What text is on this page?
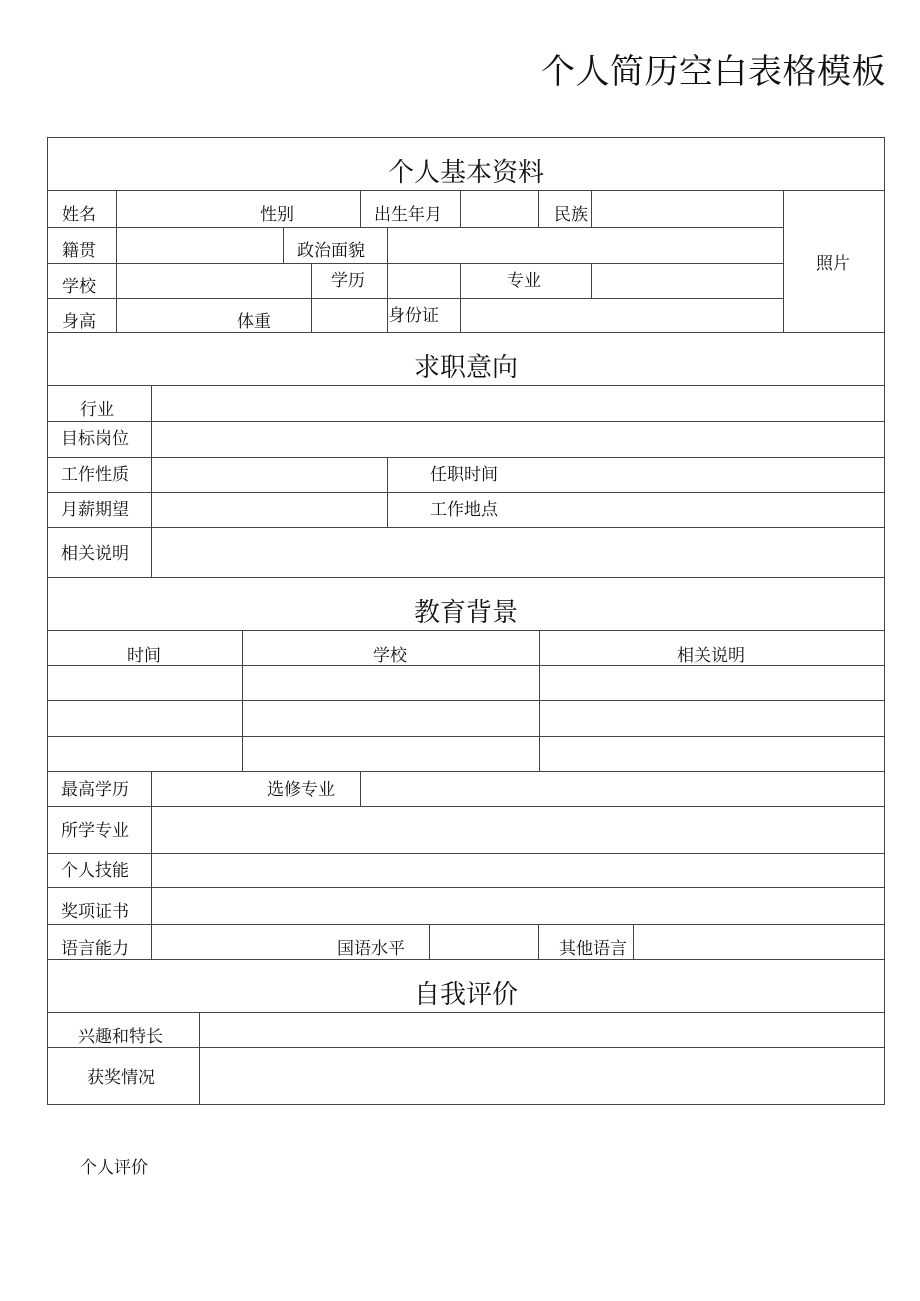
个人简历空白表格模板
个人基本资料
求职意向
教育背景
自我评价
姓名	性别	出生年月	民族
籍贯	政治面貌
照片
学校	学历	专业
身高	体重	身份证
行业
目标岗位
工作性质	任职时间
月薪期望	工作地点
相关说明
时间	学校	相关说明
最高学历	选修专业
所学专业
个人技能
奖项证书
语言能力	国语水平	其他语言
兴趣和特长
获奖情况
个人评价
